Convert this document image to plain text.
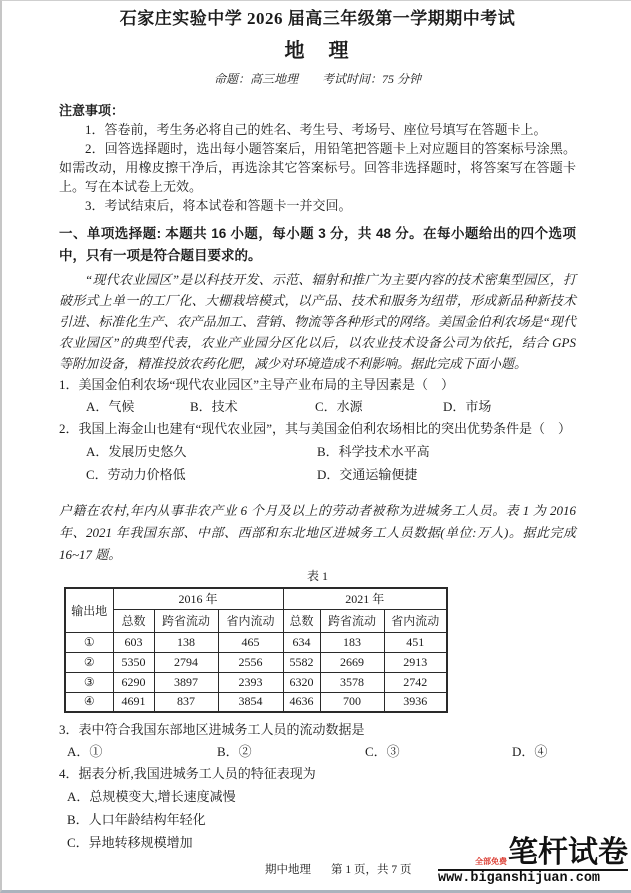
石家庄实验中学 2026 届高三年级第一学期期中考试
地　理
命题：高三地理　　考试时间：75 分钟
注意事项：
1．答卷前，考生务必将自己的姓名、考生号、考场号、座位号填写在答题卡上。
2．回答选择题时，选出每小题答案后，用铅笔把答题卡上对应题目的答案标号涂黑。如需改动，用橡皮擦干净后，再选涂其它答案标号。回答非选择题时，将答案写在答题卡上。写在本试卷上无效。
3．考试结束后，将本试卷和答题卡一并交回。
一、单项选择题: 本题共 16 小题，每小题 3 分，共 48 分。在每小题给出的四个选项中，只有一项是符合题目要求的。
“现代农业园区”是以科技开发、示范、辐射和推广为主要内容的技术密集型园区，打破形式上单一的工厂化、大棚栽培模式，以产品、技术和服务为纽带，形成新品种新技术引进、标准化生产、农产品加工、营销、物流等各种形式的网络。美国金伯利农场是“现代农业园区”的典型代表，农业产业园分区化以后，以农业技术设备公司为依托，结合 GPS 等附加设备，精准投放农药化肥，减少对环境造成不利影响。据此完成下面小题。
1．美国金伯利农场“现代农业园区”主导产业布局的主导因素是（　）
A．气候	B．技术	C．水源	D．市场
2．我国上海金山也建有“现代农业园”，其与美国金伯利农场相比的突出优势条件是（　）
A．发展历史悠久	B．科学技术水平高
C．劳动力价格低	D．交通运输便捷
户籍在农村,年内从事非农产业 6 个月及以上的劳动者被称为进城务工人员。表 1 为 2016 年、2021 年我国东部、中部、西部和东北地区进城务工人员数据(单位:万人)。据此完成 16~17 题。
表 1
输出地	2016 年			2021 年		
	总数	跨省流动	省内流动	总数	跨省流动	省内流动
①	603	138	465	634	183	451
②	5350	2794	2556	5582	2669	2913
③	6290	3897	2393	6320	3578	2742
④	4691	837	3854	4636	700	3936
3．表中符合我国东部地区进城务工人员的流动数据是
A．①	B．②	C．③	D．④
4．据表分析,我国进城务工人员的特征表现为
A．总规模变大,增长速度减慢
B．人口年龄结构年轻化
C．异地转移规模增加
期中地理 第 1 页，共 7 页
全部免费 笔杆试卷
www.biganshijuan.com
